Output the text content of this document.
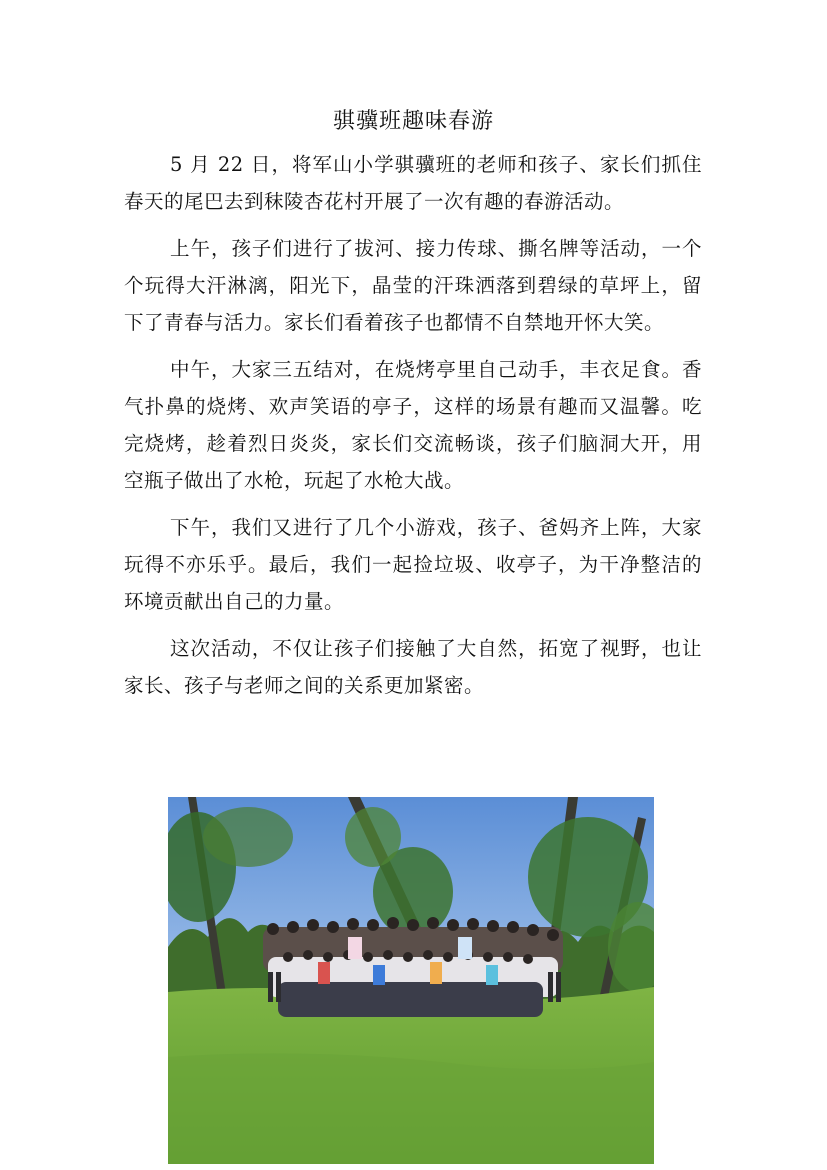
骐骥班趣味春游

5 月 22 日，将军山小学骐骥班的老师和孩子、家长们抓住春天的尾巴去到秣陵杏花村开展了一次有趣的春游活动。

上午，孩子们进行了拔河、接力传球、撕名牌等活动，一个个玩得大汗淋漓，阳光下，晶莹的汗珠洒落到碧绿的草坪上，留下了青春与活力。家长们看着孩子也都情不自禁地开怀大笑。

中午，大家三五结对，在烧烤亭里自己动手，丰衣足食。香气扑鼻的烧烤、欢声笑语的亭子，这样的场景有趣而又温馨。吃完烧烤，趁着烈日炎炎，家长们交流畅谈，孩子们脑洞大开，用空瓶子做出了水枪，玩起了水枪大战。

下午，我们又进行了几个小游戏，孩子、爸妈齐上阵，大家玩得不亦乐乎。最后，我们一起捡垃圾、收亭子，为干净整洁的环境贡献出自己的力量。

这次活动，不仅让孩子们接触了大自然，拓宽了视野，也让家长、孩子与老师之间的关系更加紧密。
